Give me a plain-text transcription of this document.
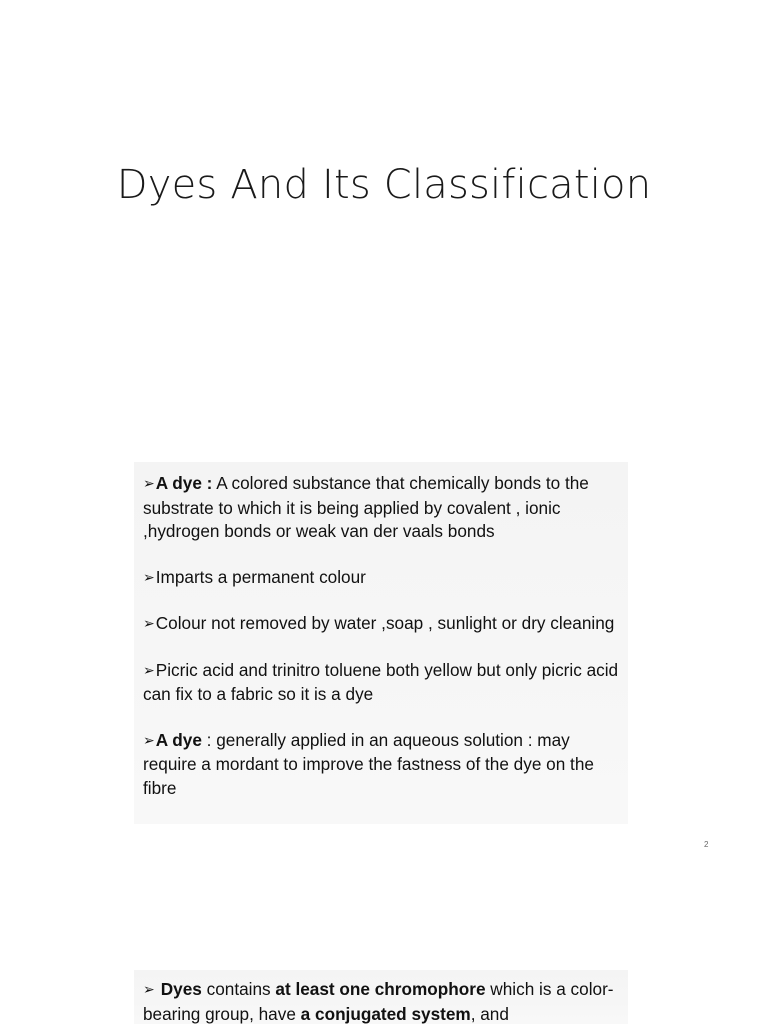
Dyes And Its Classification

➢A dye : A colored substance that chemically bonds to the substrate to which it is being applied by covalent , ionic ,hydrogen bonds or weak van der vaals bonds

➢Imparts a permanent colour

➢Colour not removed by water ,soap , sunlight or dry cleaning

➢Picric acid and trinitro toluene both yellow but only picric acid can fix to a fabric so it is a dye

➢A dye : generally applied in an aqueous solution : may require a mordant to improve the fastness of the dye on the fibre

2

➢ Dyes contains at least one chromophore which is a color-bearing group, have a conjugated system, and
